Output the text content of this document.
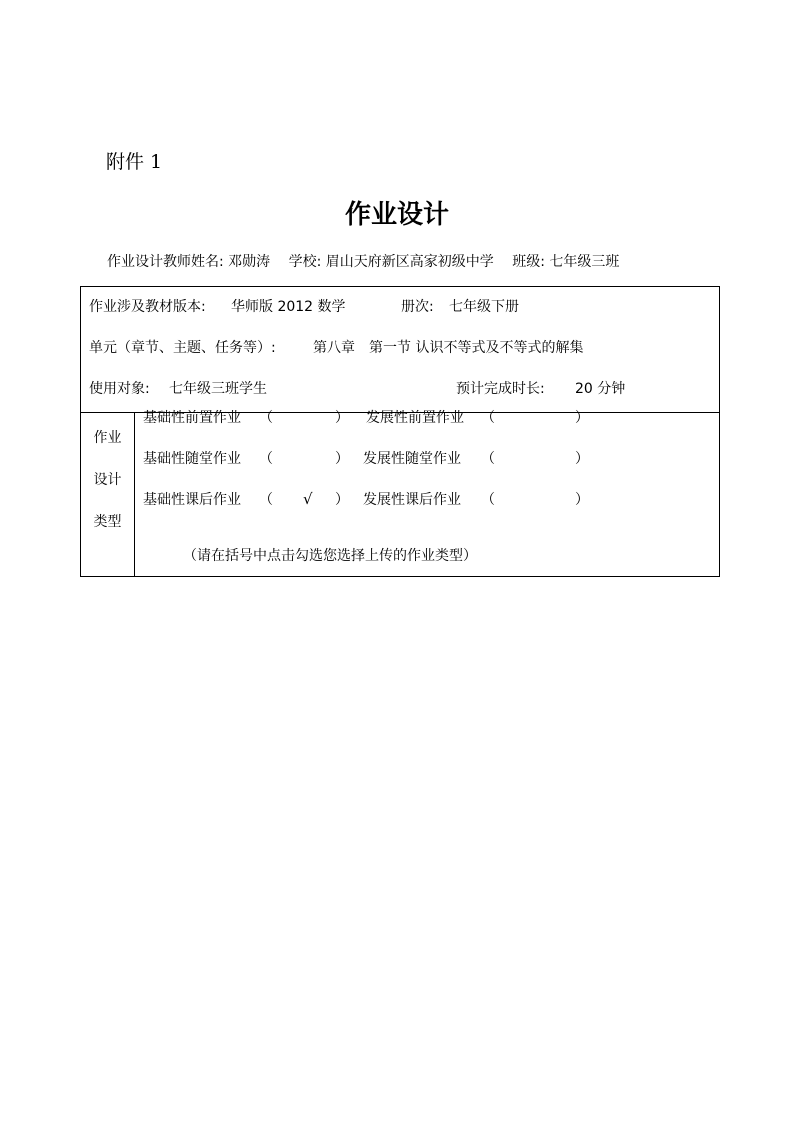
附件 1
作业设计
作业设计教师姓名: 邓勋涛 学校: 眉山天府新区高家初级中学 班级: 七年级三班
作业涉及教材版本: 华师版 2012 数学	册次: 七年级下册
单元（章节、主题、任务等）:	第八章　第一节 认识不等式及不等式的解集
使用对象: 七年级三班学生	预计完成时长: 20 分钟
作业
设计
类型
基础性前置作业 （	） 发展性前置作业 （	）
基础性随堂作业 （	） 发展性随堂作业 （	）
基础性课后作业 （ √ ） 发展性课后作业 （	）
（请在括号中点击勾选您选择上传的作业类型）
